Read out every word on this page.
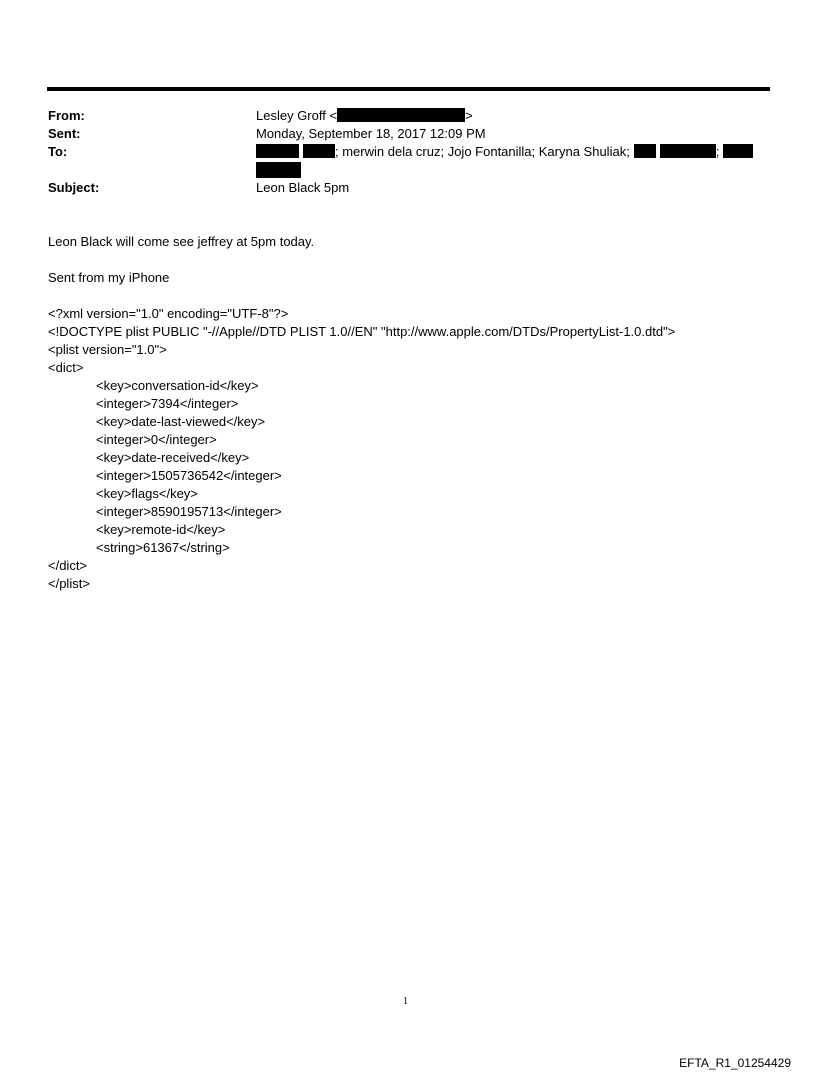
From:
Sent:
To:
Subject:
Lesley Groff <	>
Monday, September 18, 2017 12:09 PM
; merwin dela cruz; Jojo Fontanilla; Karyna Shuliak;	;
Leon Black 5pm
Leon Black will come see jeffrey at 5pm today.
Sent from my iPhone

<?xml version="1.0" encoding="UTF-8"?>
<!DOCTYPE plist PUBLIC "-//Apple//DTD PLIST 1.0//EN" "http://www.apple.com/DTDs/PropertyList-1.0.dtd">
<plist version="1.0">
<dict>
<key>conversation-id</key>
<integer>7394</integer>
<key>date-last-viewed</key>
<integer>0</integer>
<key>date-received</key>
<integer>1505736542</integer>
<key>flags</key>
<integer>8590195713</integer>
<key>remote-id</key>
<string>61367</string>
</dict>
</plist>

1
EFTA_R1_01254429
